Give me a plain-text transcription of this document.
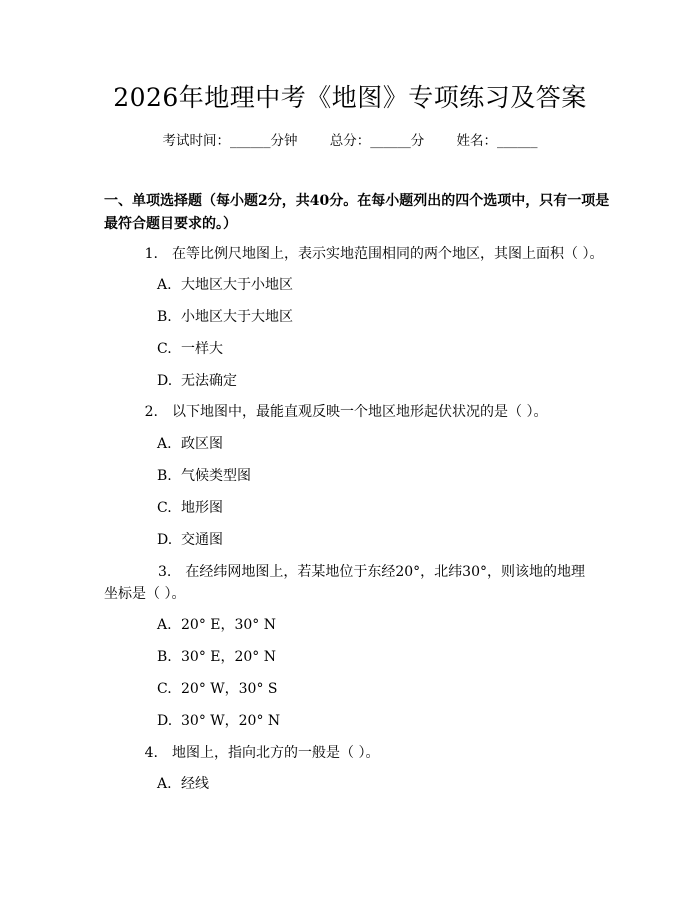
2026年地理中考《地图》专项练习及答案
考试时间：______分钟 总分：______分 姓名：______
一、单项选择题（每小题2分，共40分。在每小题列出的四个选项中，只有一项是最符合题目要求的。）
1. 在等比例尺地图上，表示实地范围相同的两个地区，其图上面积（ ）。
A. 大地区大于小地区
B. 小地区大于大地区
C. 一样大
D. 无法确定
2. 以下地图中，最能直观反映一个地区地形起伏状况的是（ ）。
A. 政区图
B. 气候类型图
C. 地形图
D. 交通图
3. 在经纬网地图上，若某地位于东经20°，北纬30°，则该地的地理坐标是（ ）。
A. 20° E，30° N
B. 30° E，20° N
C. 20° W，30° S
D. 30° W，20° N
4. 地图上，指向北方的一般是（ ）。
A. 经线
